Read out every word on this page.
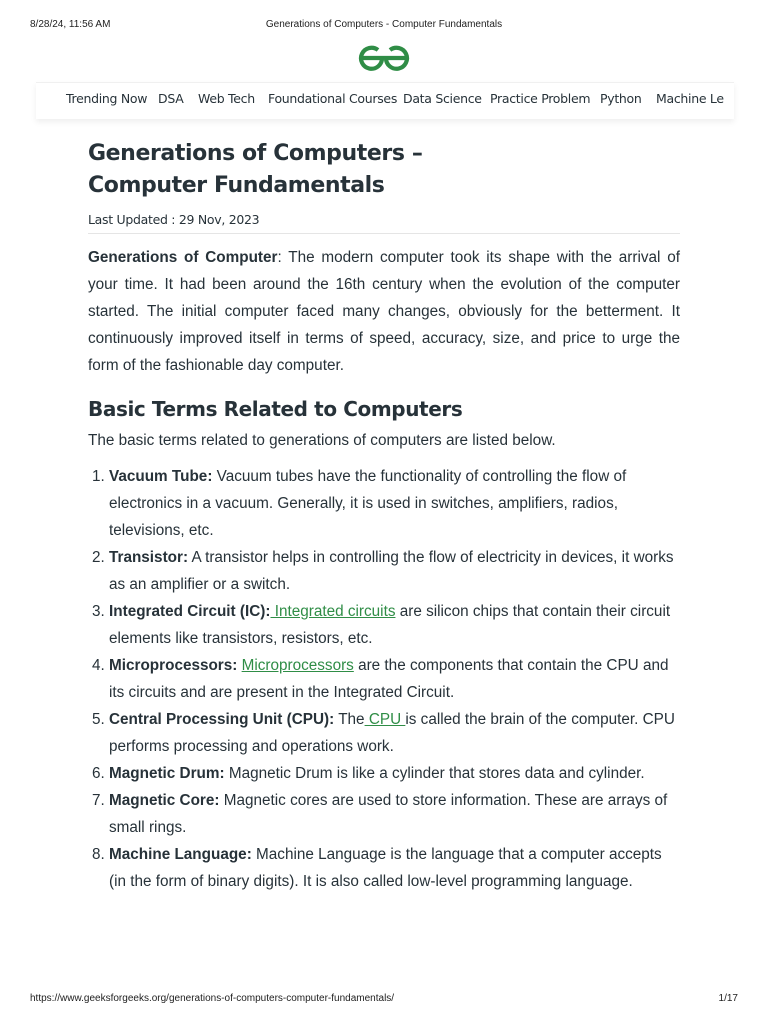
8/28/24, 11:56 AM	Generations of Computers - Computer Fundamentals
Trending Now DSA Web Tech Foundational Courses Data Science Practice Problem Python Machine Le
Generations of Computers – Computer Fundamentals
Last Updated : 29 Nov, 2023

Generations of Computer: The modern computer took its shape with the arrival of your time. It had been around the 16th century when the evolution of the computer started. The initial computer faced many changes, obviously for the betterment. It continuously improved itself in terms of speed, accuracy, size, and price to urge the form of the fashionable day computer.

Basic Terms Related to Computers

The basic terms related to generations of computers are listed below.

1. Vacuum Tube: Vacuum tubes have the functionality of controlling the flow of electronics in a vacuum. Generally, it is used in switches, amplifiers, radios, televisions, etc.
2. Transistor: A transistor helps in controlling the flow of electricity in devices, it works as an amplifier or a switch.
3. Integrated Circuit (IC): Integrated circuits are silicon chips that contain their circuit elements like transistors, resistors, etc.
4. Microprocessors: Microprocessors are the components that contain the CPU and its circuits and are present in the Integrated Circuit.
5. Central Processing Unit (CPU): The CPU is called the brain of the computer. CPU performs processing and operations work.
6. Magnetic Drum: Magnetic Drum is like a cylinder that stores data and cylinder.
7. Magnetic Core: Magnetic cores are used to store information. These are arrays of small rings.
8. Machine Language: Machine Language is the language that a computer accepts (in the form of binary digits). It is also called low-level programming language.
https://www.geeksforgeeks.org/generations-of-computers-computer-fundamentals/	1/17
